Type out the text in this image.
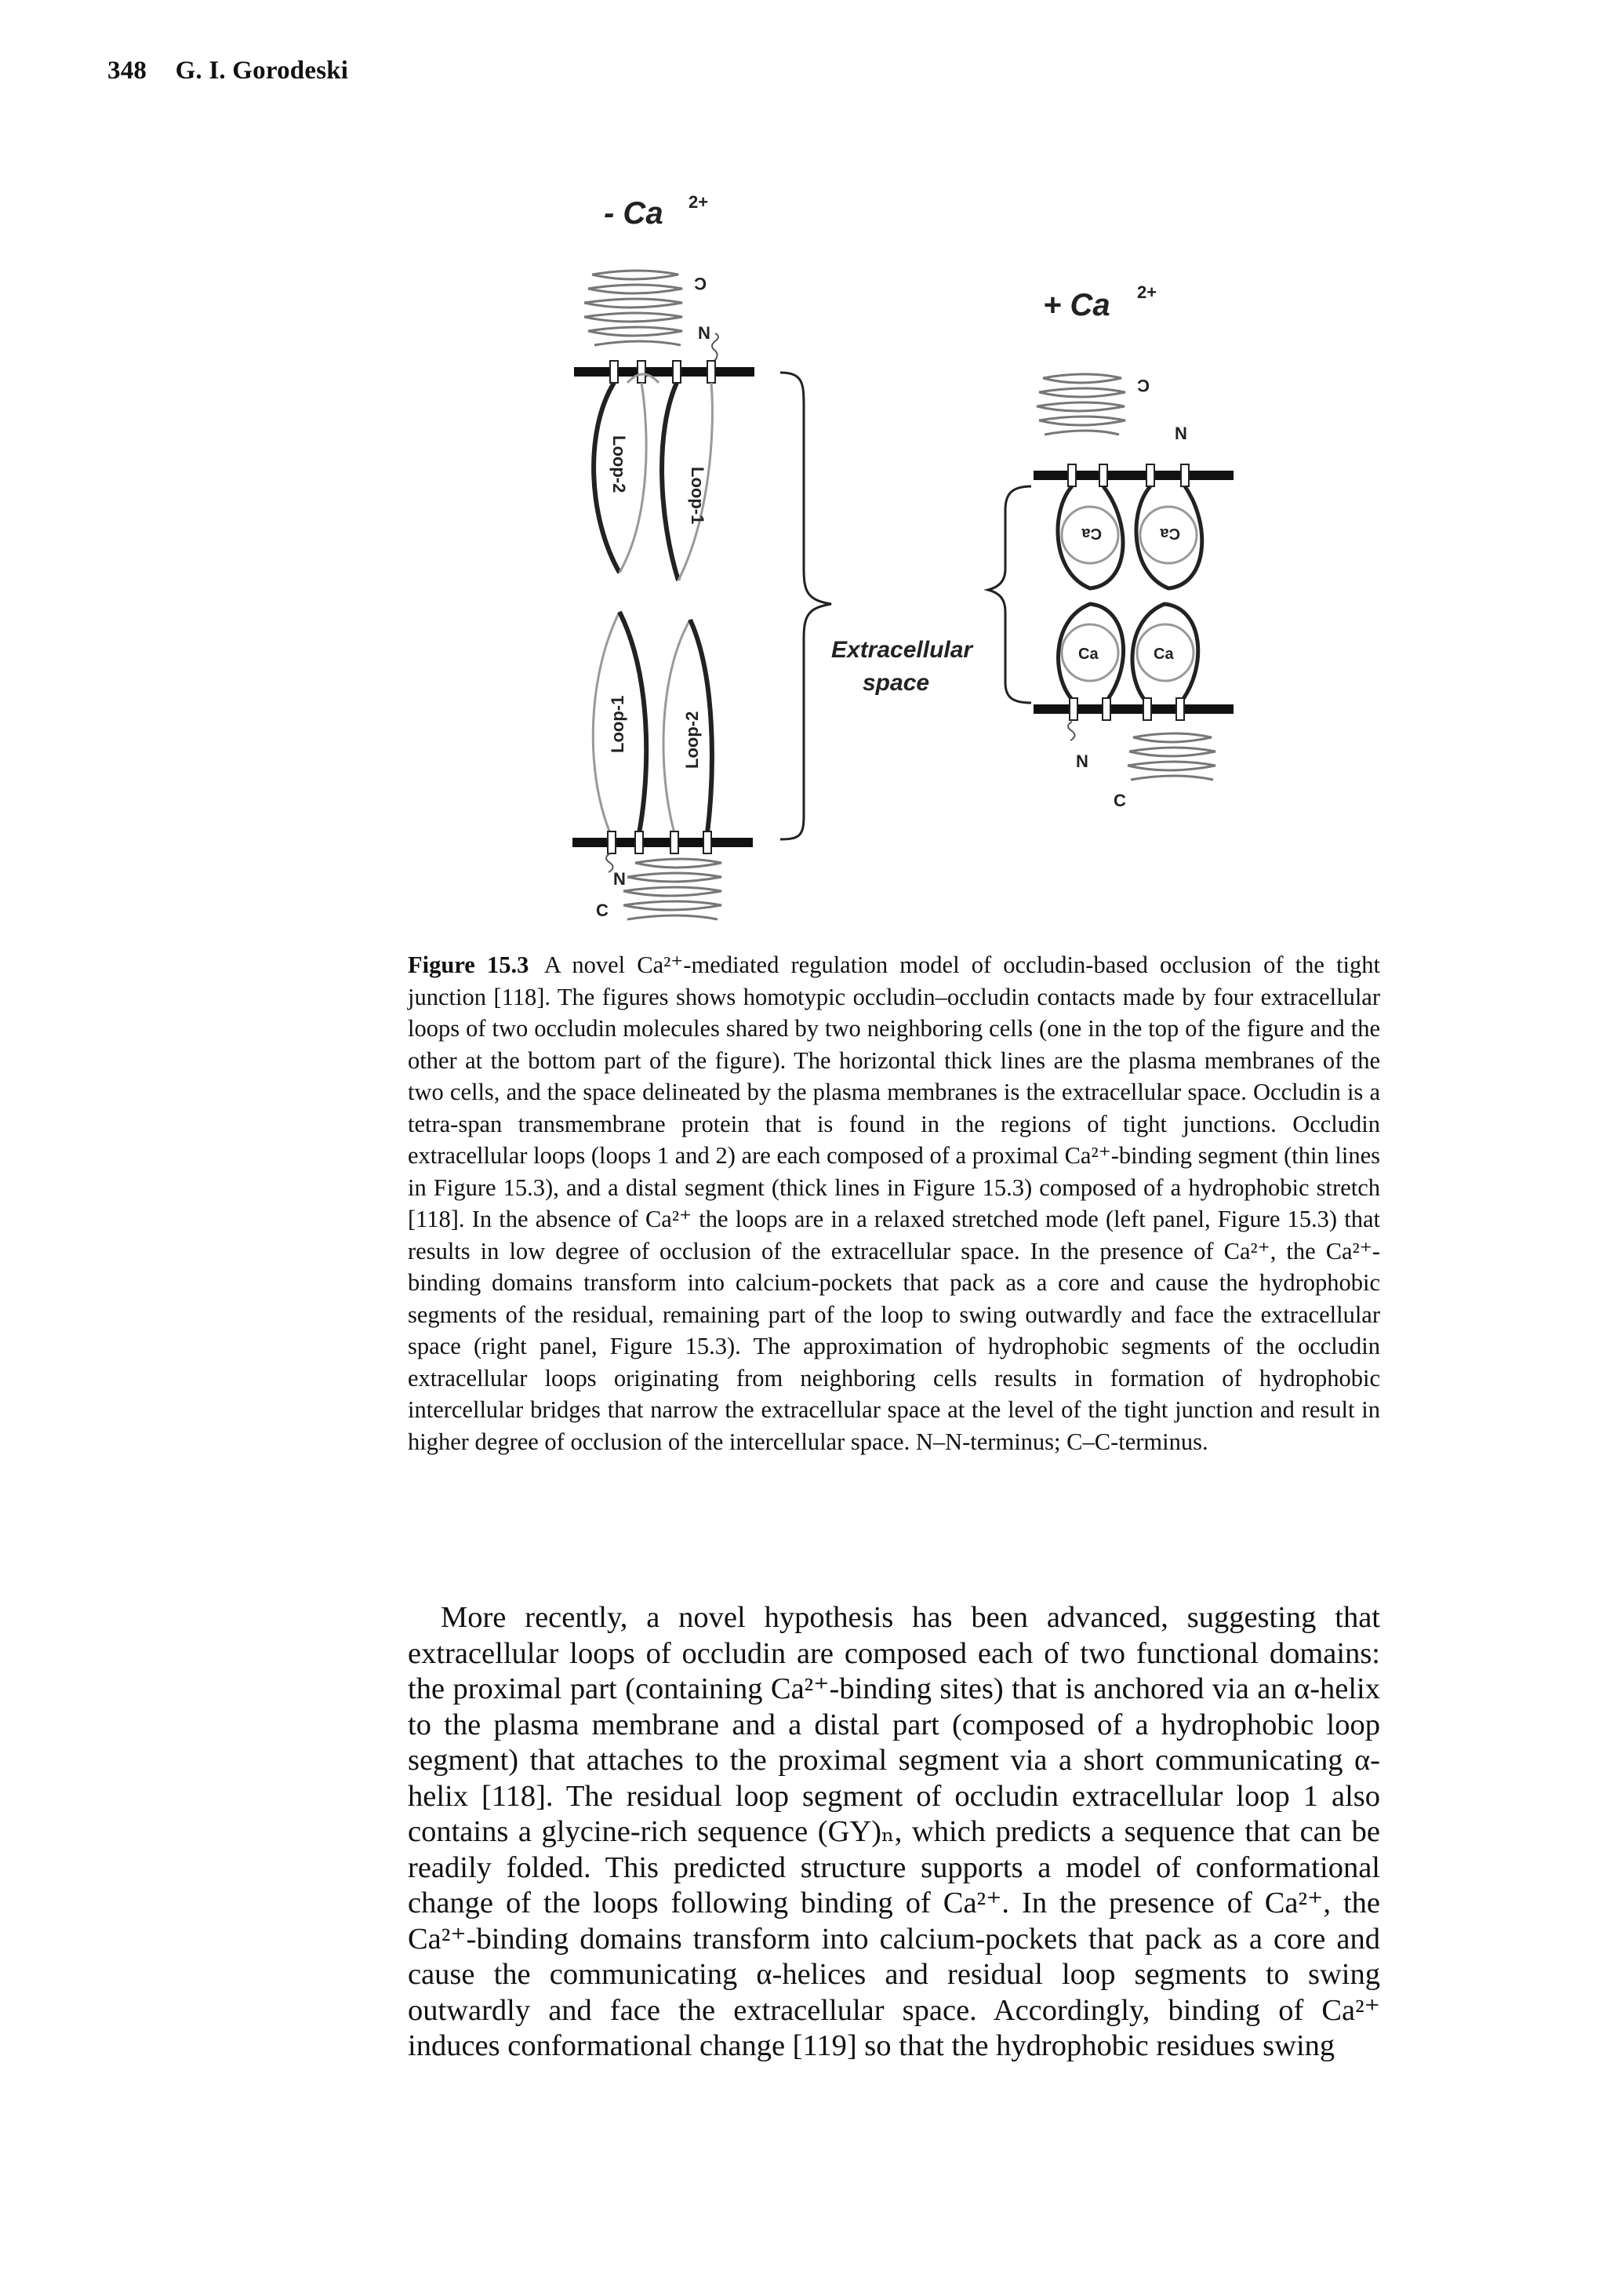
348 G. I. Gorodeski
- Ca 2+
C
N
Loop-2
Loop-1
Loop-1	Loop-2
N
C
Extracellular
space
+ Ca 2+
C
N
Ca	Ca
Ca	Ca
N
C
Figure 15.3 A novel Ca²⁺-mediated regulation model of occludin-based occlusion of the tight junction [118]. The figures shows homotypic occludin–occludin contacts made by four extracellular loops of two occludin molecules shared by two neighboring cells (one in the top of the figure and the other at the bottom part of the figure). The horizontal thick lines are the plasma membranes of the two cells, and the space delineated by the plasma membranes is the extracellular space. Occludin is a tetra-span transmembrane protein that is found in the regions of tight junctions. Occludin extracellular loops (loops 1 and 2) are each composed of a proximal Ca²⁺-binding segment (thin lines in Figure 15.3), and a distal segment (thick lines in Figure 15.3) composed of a hydrophobic stretch [118]. In the absence of Ca²⁺ the loops are in a relaxed stretched mode (left panel, Figure 15.3) that results in low degree of occlusion of the extracellular space. In the presence of Ca²⁺, the Ca²⁺-binding domains transform into calcium-pockets that pack as a core and cause the hydrophobic segments of the residual, remaining part of the loop to swing outwardly and face the extracellular space (right panel, Figure 15.3). The approximation of hydrophobic segments of the occludin extracellular loops originating from neighboring cells results in formation of hydrophobic intercellular bridges that narrow the extracellular space at the level of the tight junction and result in higher degree of occlusion of the intercellular space. N–N-terminus; C–C-terminus.
More recently, a novel hypothesis has been advanced, suggesting that extracellular loops of occludin are composed each of two functional domains: the proximal part (containing Ca²⁺-binding sites) that is anchored via an α-helix to the plasma membrane and a distal part (composed of a hydrophobic loop segment) that attaches to the proximal segment via a short communicating α-helix [118]. The residual loop segment of occludin extracellular loop 1 also contains a glycine-rich sequence (GY)ₙ, which predicts a sequence that can be readily folded. This predicted structure supports a model of conformational change of the loops following binding of Ca²⁺. In the presence of Ca²⁺, the Ca²⁺-binding domains transform into calcium-pockets that pack as a core and cause the communicating α-helices and residual loop segments to swing outwardly and face the extracellular space. Accordingly, binding of Ca²⁺ induces conformational change [119] so that the hydrophobic residues swing
